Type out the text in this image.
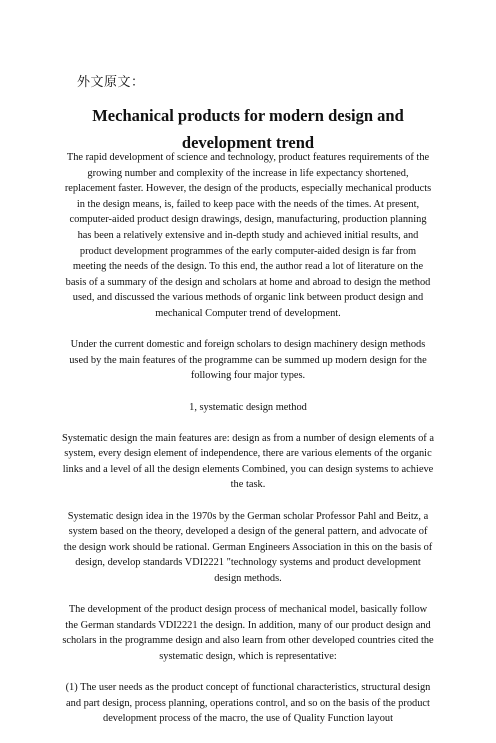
外文原文：
Mechanical products for modern design and
development trend

The rapid development of science and technology, product features requirements of the growing number and complexity of the increase in life expectancy shortened, replacement faster. However, the design of the products, especially mechanical products in the design means, is, failed to keep pace with the needs of the times. At present, computer-aided product design drawings, design, manufacturing, production planning has been a relatively extensive and in-depth study and achieved initial results, and product development programmes of the early computer-aided design is far from meeting the needs of the design. To this end, the author read a lot of literature on the basis of a summary of the design and scholars at home and abroad to design the method used, and discussed the various methods of organic link between product design and mechanical Computer trend of development.

Under the current domestic and foreign scholars to design machinery design methods used by the main features of the programme can be summed up modern design for the following four major types.

1, systematic design method

Systematic design the main features are: design as from a number of design elements of a system, every design element of independence, there are various elements of the organic links and a level of all the design elements Combined, you can design systems to achieve the task.

Systematic design idea in the 1970s by the German scholar Professor Pahl and Beitz, a system based on the theory, developed a design of the general pattern, and advocate of the design work should be rational. German Engineers Association in this on the basis of design, develop standards VDI2221 "technology systems and product development design methods.

The development of the product design process of mechanical model, basically follow the German standards VDI2221 the design. In addition, many of our product design and scholars in the programme design and also learn from other developed countries cited the systematic design, which is representative:

(1) The user needs as the product concept of functional characteristics, structural design and part design, process planning, operations control, and so on the basis of the product development process of the macro, the use of Quality Function layout
